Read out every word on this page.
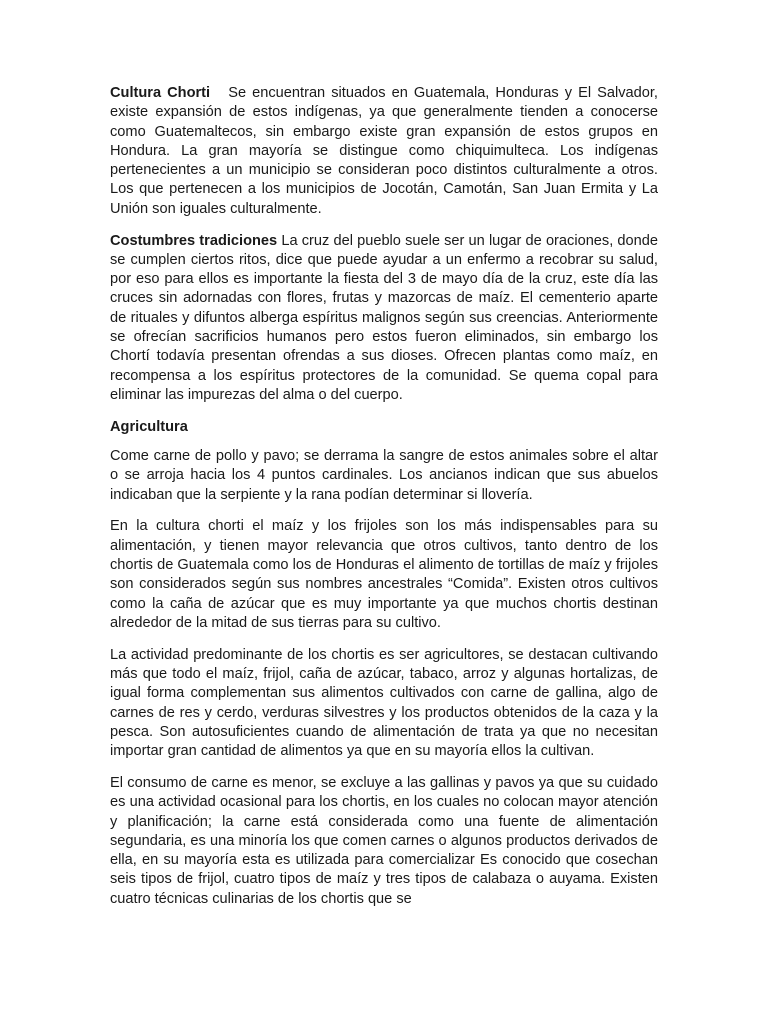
Cultura Chorti Se encuentran situados en Guatemala, Honduras y El Salvador, existe expansión de estos indígenas, ya que generalmente tienden a conocerse como Guatemaltecos, sin embargo existe gran expansión de estos grupos en Hondura. La gran mayoría se distingue como chiquimulteca. Los indígenas pertenecientes a un municipio se consideran poco distintos culturalmente a otros. Los que pertenecen a los municipios de Jocotán, Camotán, San Juan Ermita y La Unión son iguales culturalmente.

Costumbres tradiciones La cruz del pueblo suele ser un lugar de oraciones, donde se cumplen ciertos ritos, dice que puede ayudar a un enfermo a recobrar su salud, por eso para ellos es importante la fiesta del 3 de mayo día de la cruz, este día las cruces sin adornadas con flores, frutas y mazorcas de maíz. El cementerio aparte de rituales y difuntos alberga espíritus malignos según sus creencias. Anteriormente se ofrecían sacrificios humanos pero estos fueron eliminados, sin embargo los Chortí todavía presentan ofrendas a sus dioses. Ofrecen plantas como maíz, en recompensa a los espíritus protectores de la comunidad. Se quema copal para eliminar las impurezas del alma o del cuerpo.

Agricultura

Come carne de pollo y pavo; se derrama la sangre de estos animales sobre el altar o se arroja hacia los 4 puntos cardinales. Los ancianos indican que sus abuelos indicaban que la serpiente y la rana podían determinar si llovería.

En la cultura chorti el maíz y los frijoles son los más indispensables para su alimentación, y tienen mayor relevancia que otros cultivos, tanto dentro de los chortis de Guatemala como los de Honduras el alimento de tortillas de maíz y frijoles son considerados según sus nombres ancestrales “Comida”. Existen otros cultivos como la caña de azúcar que es muy importante ya que muchos chortis destinan alrededor de la mitad de sus tierras para su cultivo.

La actividad predominante de los chortis es ser agricultores, se destacan cultivando más que todo el maíz, frijol, caña de azúcar, tabaco, arroz y algunas hortalizas, de igual forma complementan sus alimentos cultivados con carne de gallina, algo de carnes de res y cerdo, verduras silvestres y los productos obtenidos de la caza y la pesca. Son autosuficientes cuando de alimentación de trata ya que no necesitan importar gran cantidad de alimentos ya que en su mayoría ellos la cultivan.

El consumo de carne es menor, se excluye a las gallinas y pavos ya que su cuidado es una actividad ocasional para los chortis, en los cuales no colocan mayor atención y planificación; la carne está considerada como una fuente de alimentación segundaria, es una minoría los que comen carnes o algunos productos derivados de ella, en su mayoría esta es utilizada para comercializar Es conocido que cosechan seis tipos de frijol, cuatro tipos de maíz y tres tipos de calabaza o auyama. Existen cuatro técnicas culinarias de los chortis que se
